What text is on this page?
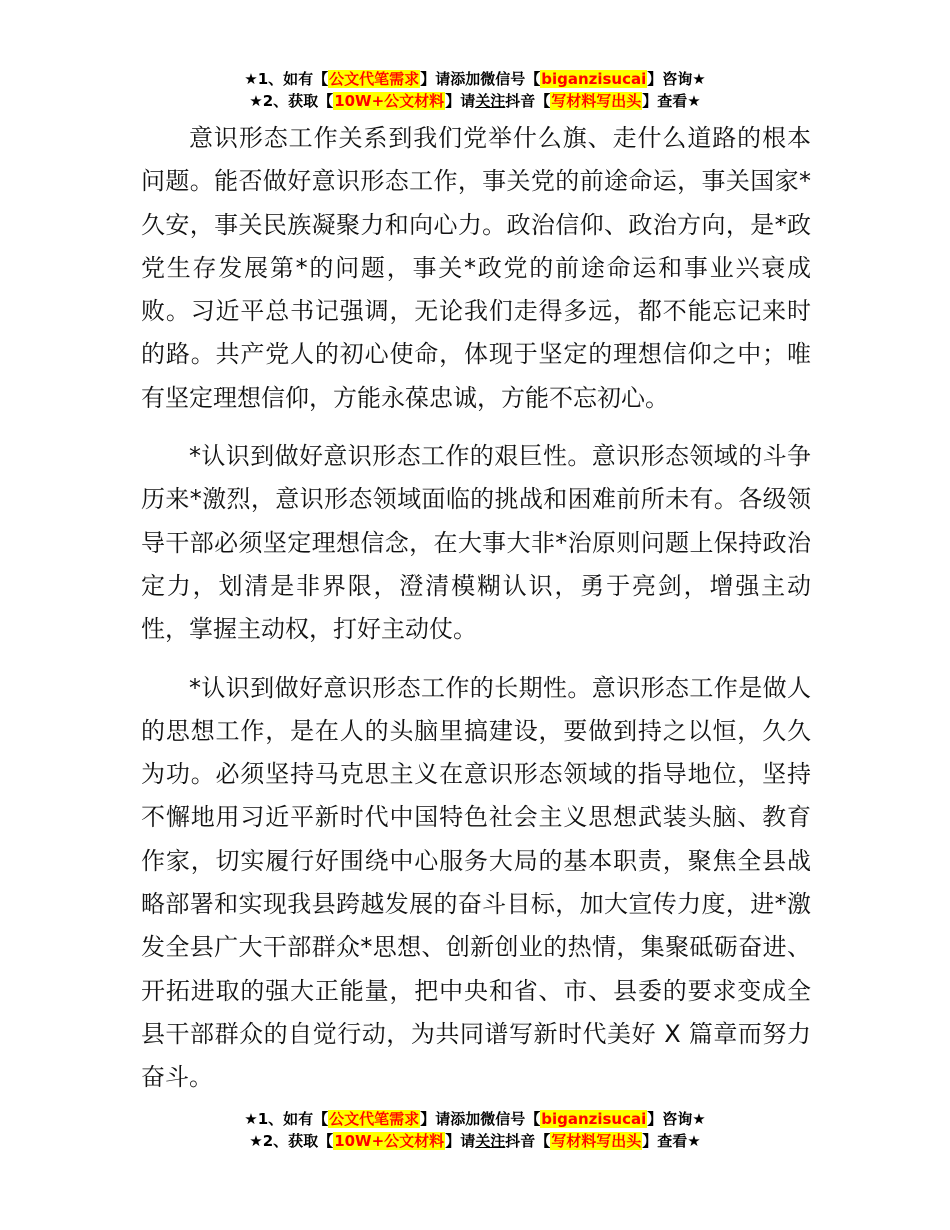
★1、如有【公文代笔需求】请添加微信号【biganzisucai】咨询★
★2、获取【10W+公文材料】请关注抖音【写材料写出头】查看★

意识形态工作关系到我们党举什么旗、走什么道路的根本问题。能否做好意识形态工作，事关党的前途命运，事关国家*久安，事关民族凝聚力和向心力。政治信仰、政治方向，是*政党生存发展第*的问题，事关*政党的前途命运和事业兴衰成败。习近平总书记强调，无论我们走得多远，都不能忘记来时的路。共产党人的初心使命，体现于坚定的理想信仰之中；唯有坚定理想信仰，方能永葆忠诚，方能不忘初心。

*认识到做好意识形态工作的艰巨性。意识形态领域的斗争历来*激烈，意识形态领域面临的挑战和困难前所未有。各级领导干部必须坚定理想信念，在大事大非*治原则问题上保持政治定力，划清是非界限，澄清模糊认识，勇于亮剑，增强主动性，掌握主动权，打好主动仗。

*认识到做好意识形态工作的长期性。意识形态工作是做人的思想工作，是在人的头脑里搞建设，要做到持之以恒，久久为功。必须坚持马克思主义在意识形态领域的指导地位，坚持不懈地用习近平新时代中国特色社会主义思想武装头脑、教育作家，切实履行好围绕中心服务大局的基本职责，聚焦全县战略部署和实现我县跨越发展的奋斗目标，加大宣传力度，进*激发全县广大干部群众*思想、创新创业的热情，集聚砥砺奋进、开拓进取的强大正能量，把中央和省、市、县委的要求变成全县干部群众的自觉行动，为共同谱写新时代美好 X 篇章而努力奋斗。

★1、如有【公文代笔需求】请添加微信号【biganzisucai】咨询★
★2、获取【10W+公文材料】请关注抖音【写材料写出头】查看★
